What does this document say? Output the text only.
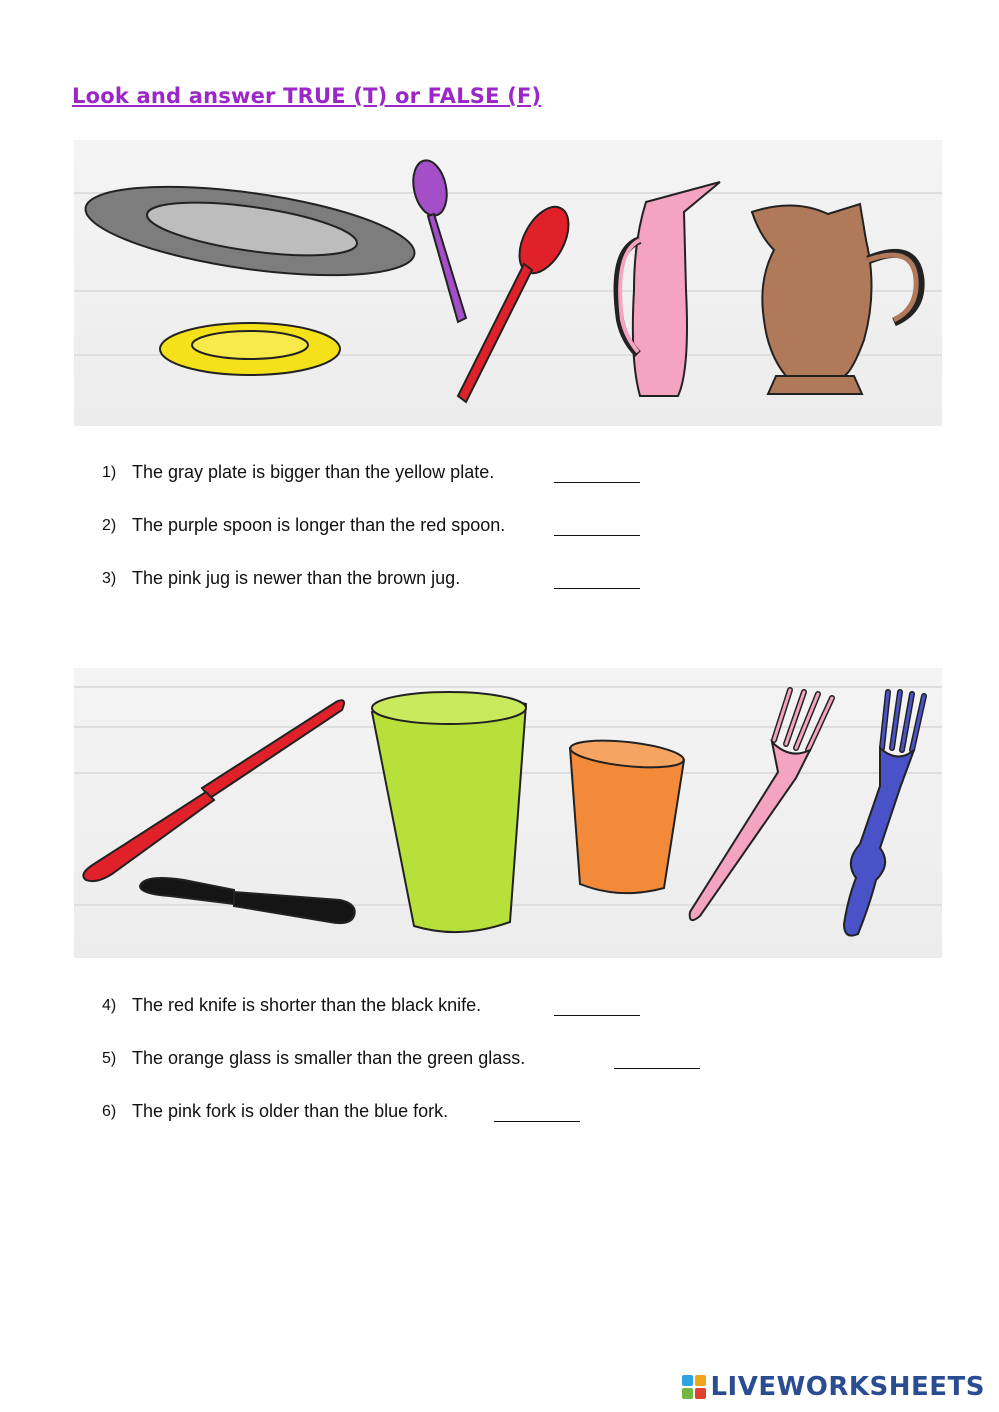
Look and answer TRUE (T) or FALSE (F)
1) The gray plate is bigger than the yellow plate.
2) The purple spoon is longer than the red spoon.
3) The pink jug is newer than the brown jug.
4) The red knife is shorter than the black knife.
5) The orange glass is smaller than the green glass.
6) The pink fork is older than the blue fork.
LIVEWORKSHEETS
